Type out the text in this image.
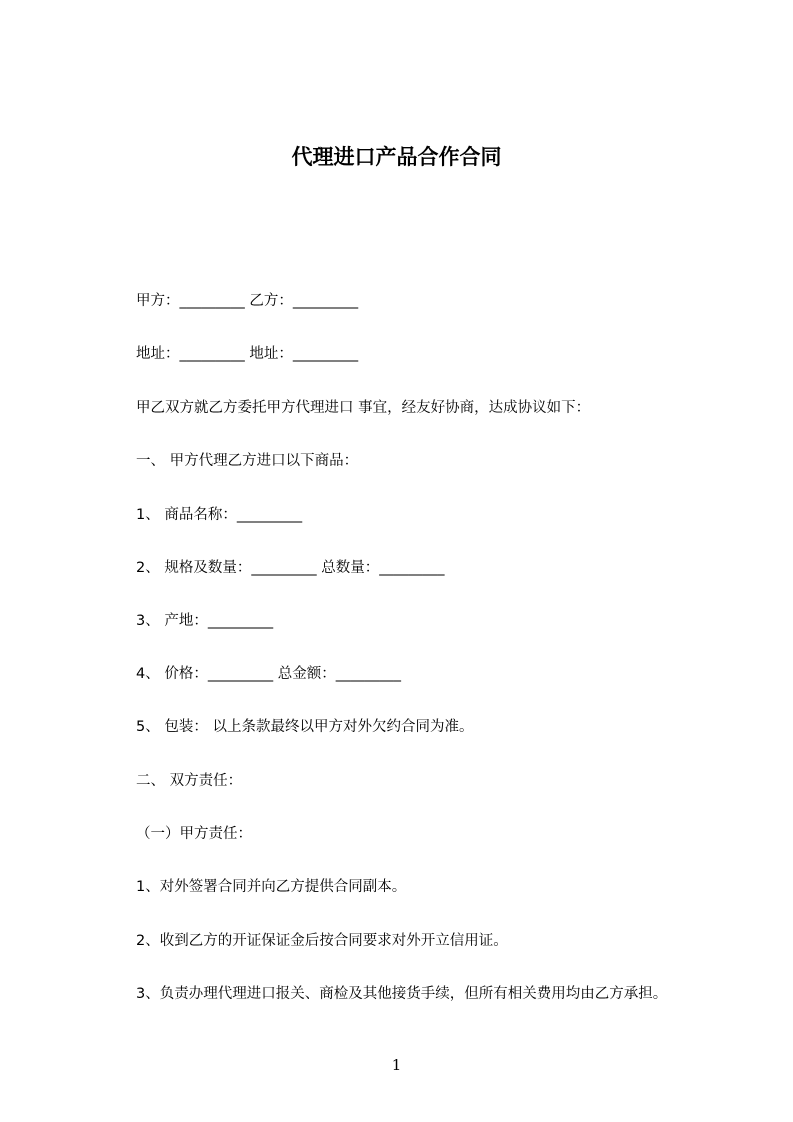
代理进口产品合作合同
甲方：_________ 乙方：_________
地址：_________ 地址：_________
甲乙双方就乙方委托甲方代理进口 事宜，经友好协商，达成协议如下：
一、 甲方代理乙方进口以下商品：
1、 商品名称：_________
2、 规格及数量：_________ 总数量：_________
3、 产地：_________
4、 价格：_________ 总金额：_________
5、 包装： 以上条款最终以甲方对外欠约合同为准。
二、 双方责任：
（一）甲方责任：
1、对外签署合同并向乙方提供合同副本。
2、收到乙方的开证保证金后按合同要求对外开立信用证。
3、负责办理代理进口报关、商检及其他接货手续，但所有相关费用均由乙方承担。
1
